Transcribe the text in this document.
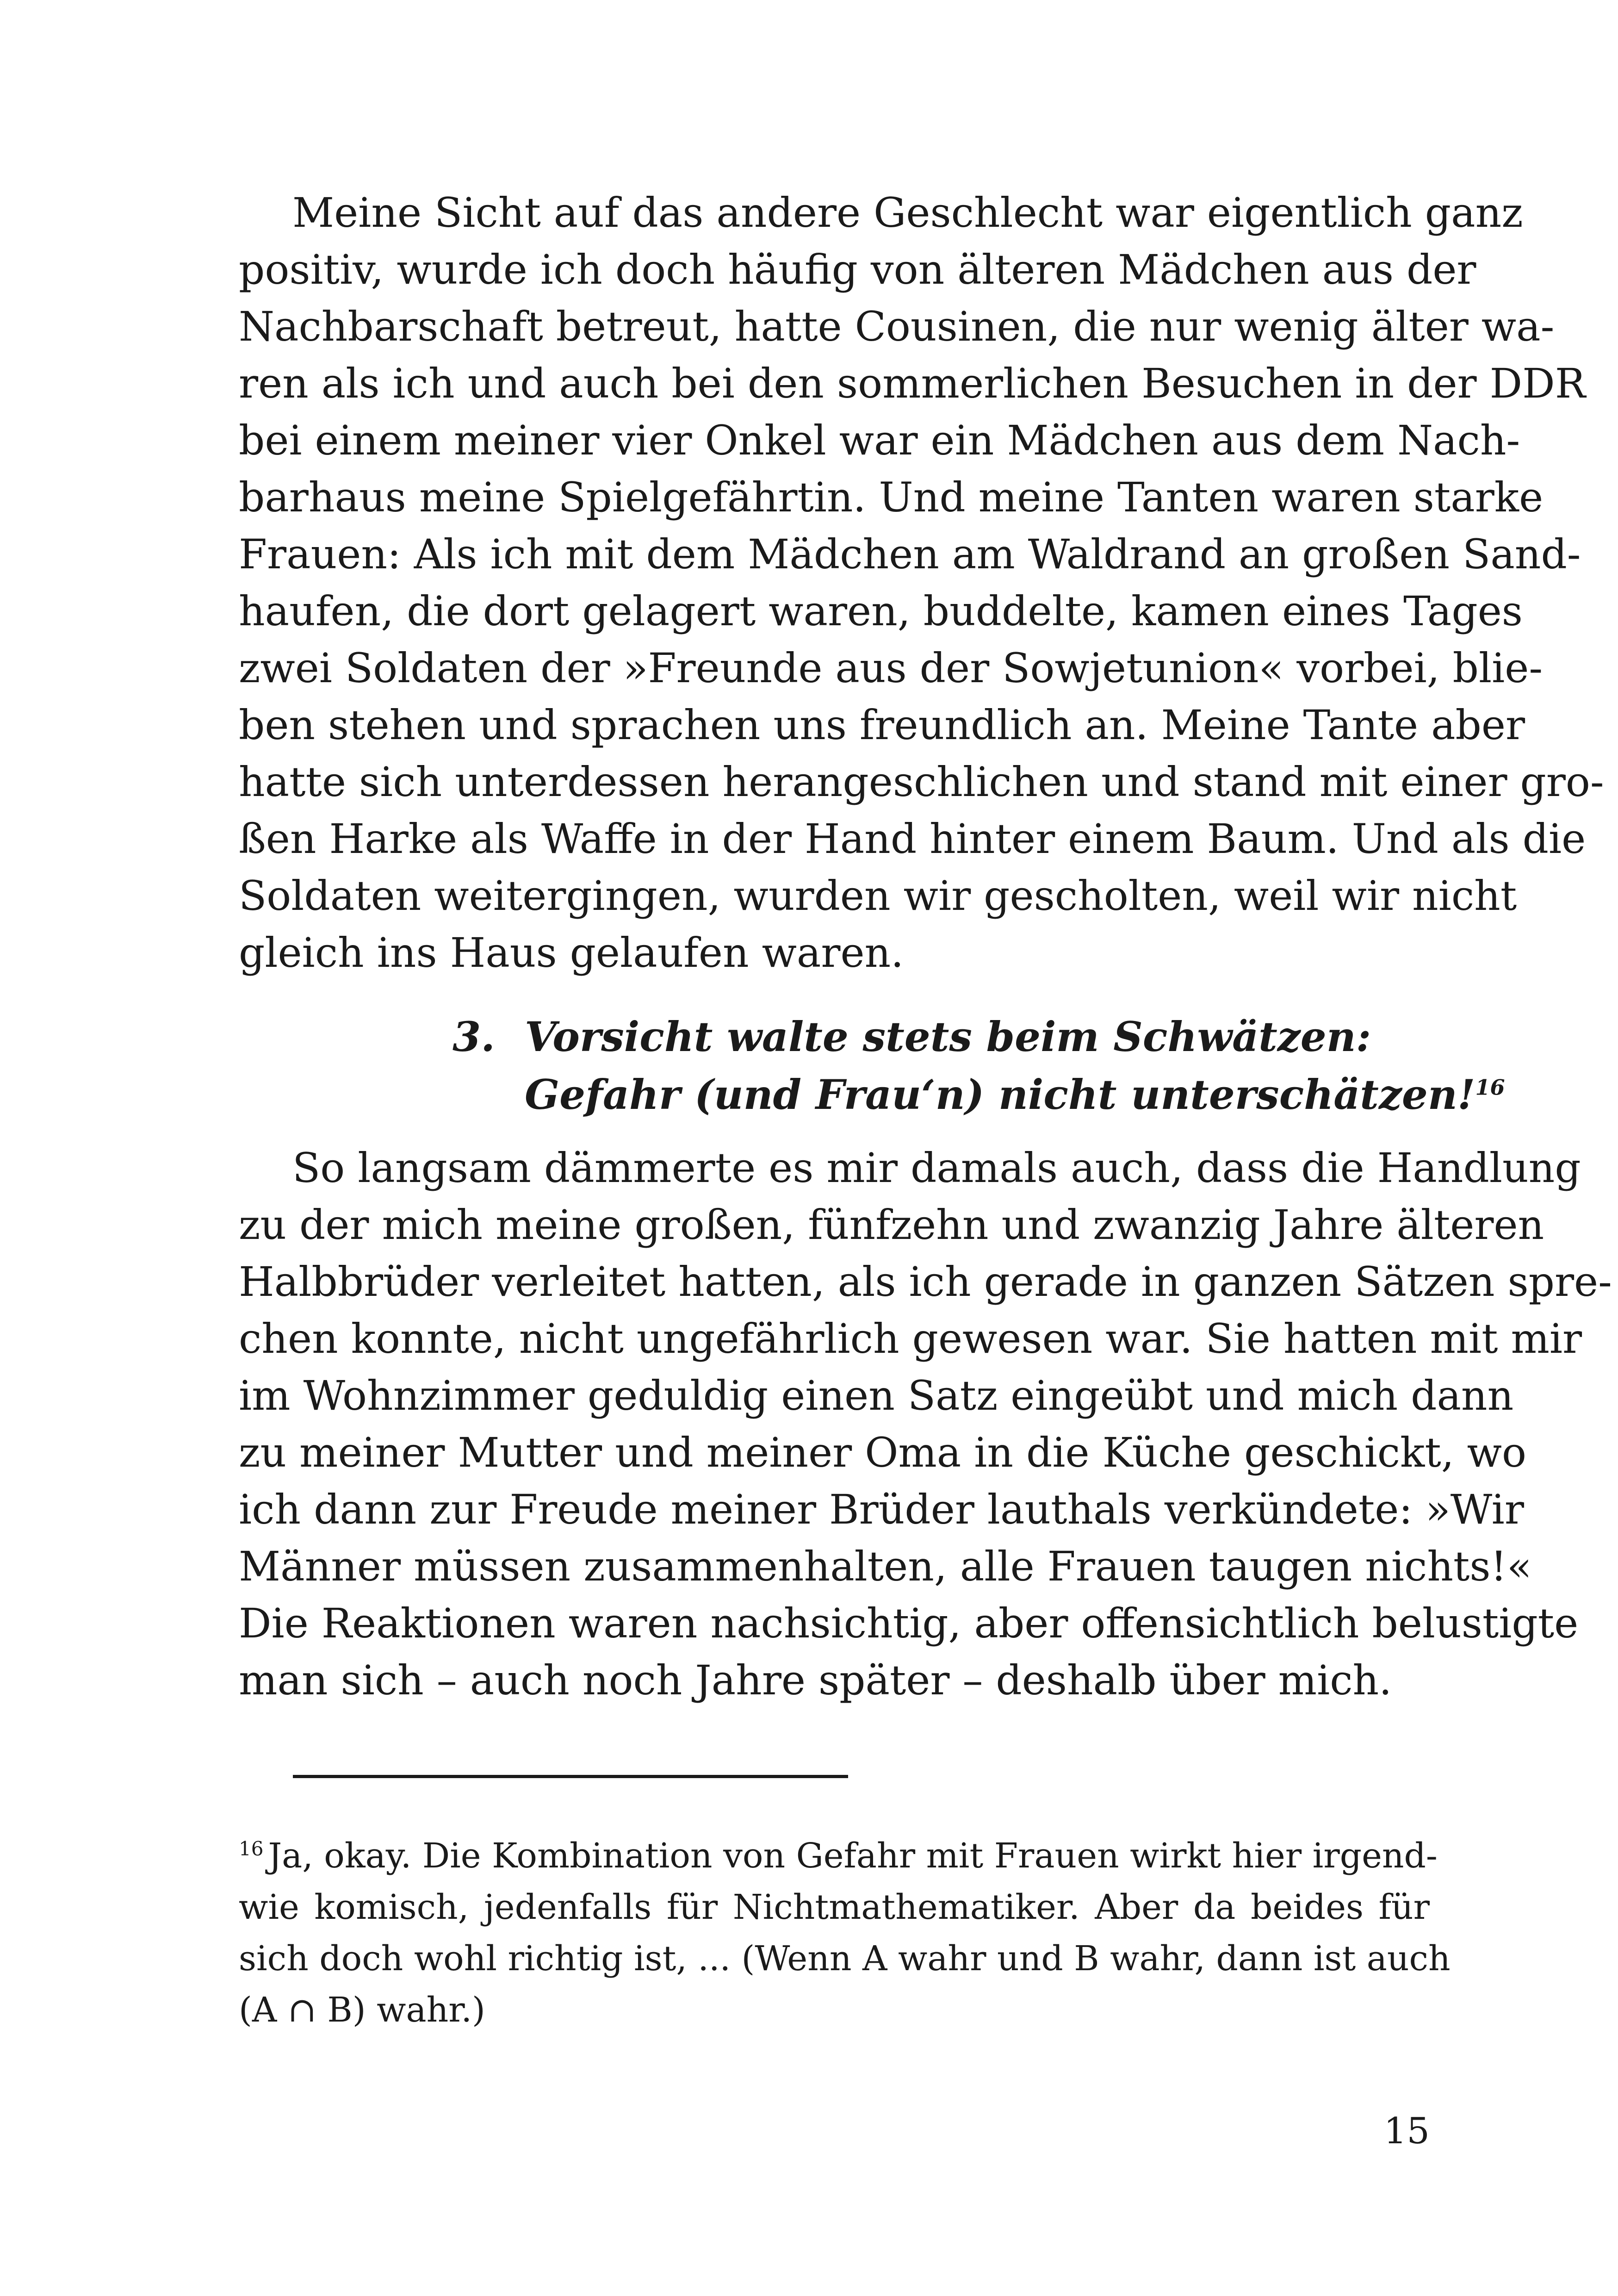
Meine Sicht auf das andere Geschlecht war eigentlich ganz
positiv, wurde ich doch häufig von älteren Mädchen aus der
Nachbarschaft betreut, hatte Cousinen, die nur wenig älter wa-
ren als ich und auch bei den sommerlichen Besuchen in der DDR
bei einem meiner vier Onkel war ein Mädchen aus dem Nach-
barhaus meine Spielgefährtin. Und meine Tanten waren starke
Frauen: Als ich mit dem Mädchen am Waldrand an großen Sand-
haufen, die dort gelagert waren, buddelte, kamen eines Tages
zwei Soldaten der »Freunde aus der Sowjetunion« vorbei, blie-
ben stehen und sprachen uns freundlich an. Meine Tante aber
hatte sich unterdessen herangeschlichen und stand mit einer gro-
ßen Harke als Waffe in der Hand hinter einem Baum. Und als die
Soldaten weitergingen, wurden wir gescholten, weil wir nicht
gleich ins Haus gelaufen waren.
3. Vorsicht walte stets beim Schwätzen:
Gefahr (und Frau‘n) nicht unterschätzen!$^{16}$
So langsam dämmerte es mir damals auch, dass die Handlung
zu der mich meine großen, fünfzehn und zwanzig Jahre älteren
Halbbrüder verleitet hatten, als ich gerade in ganzen Sätzen spre-
chen konnte, nicht ungefährlich gewesen war. Sie hatten mit mir
im Wohnzimmer geduldig einen Satz eingeübt und mich dann
zu meiner Mutter und meiner Oma in die Küche geschickt, wo
ich dann zur Freude meiner Brüder lauthals verkündete: »Wir
Männer müssen zusammenhalten, alle Frauen taugen nichts!«
Die Reaktionen waren nachsichtig, aber offensichtlich belustigte
man sich – auch noch Jahre später – deshalb über mich.
$^{16}$ Ja, okay. Die Kombination von Gefahr mit Frauen wirkt hier irgend-
wie komisch, jedenfalls für Nichtmathematiker. Aber da beides für
sich doch wohl richtig ist, ... (Wenn A wahr und B wahr, dann ist auch
(A ∩ B) wahr.)
15
